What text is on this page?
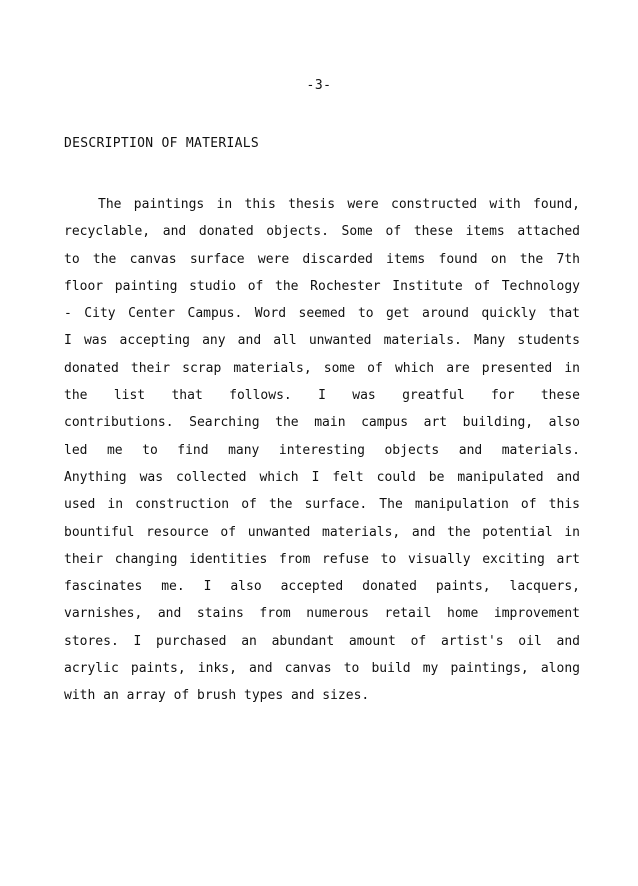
-3-
DESCRIPTION OF MATERIALS
The paintings in this thesis were constructed with found,
recyclable, and donated objects. Some of these items attached
to the canvas surface were discarded items found on the 7th
floor painting studio of the Rochester Institute of Technology
- City Center Campus. Word seemed to get around quickly that
I was accepting any and all unwanted materials. Many students
donated their scrap materials, some of which are presented in
the list that follows. I was greatful for these
contributions. Searching the main campus art building, also
led me to find many interesting objects and materials.
Anything was collected which I felt could be manipulated and
used in construction of the surface. The manipulation of this
bountiful resource of unwanted materials, and the potential in
their changing identities from refuse to visually exciting art
fascinates me. I also accepted donated paints, lacquers,
varnishes, and stains from numerous retail home improvement
stores. I purchased an abundant amount of artist's oil and
acrylic paints, inks, and canvas to build my paintings, along
with an array of brush types and sizes.
